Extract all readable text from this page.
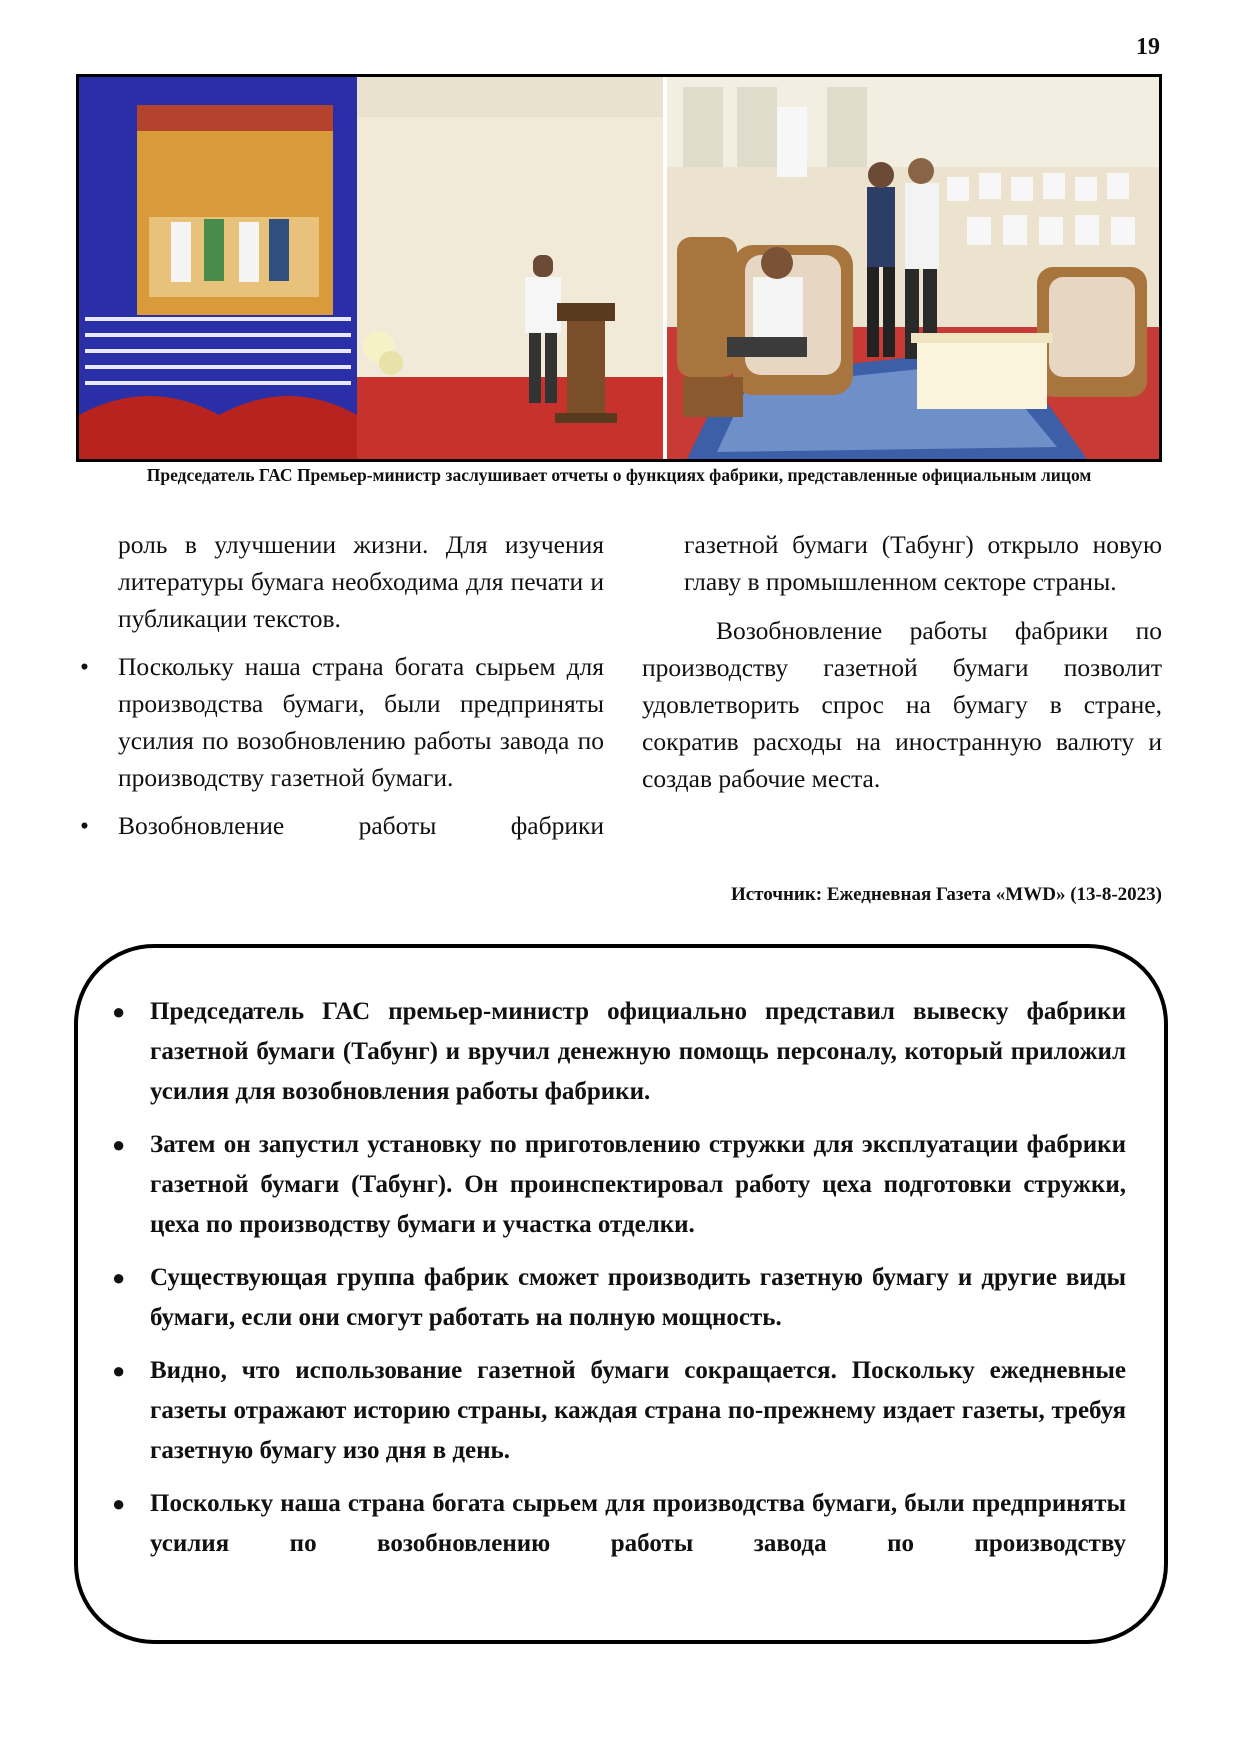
19
Председатель ГАС Премьер-министр заслушивает отчеты о функциях фабрики, представленные официальным лицом

роль в улучшении жизни. Для изучения литературы бумага необходима для печати и публикации текстов.

• Поскольку наша страна богата сырьем для производства бумаги, были предприняты усилия по возобновлению работы завода по производству газетной бумаги.

• Возобновление работы фабрики

газетной бумаги (Табунг) открыло новую главу в промышленном секторе страны.

Возобновление работы фабрики по производству газетной бумаги позволит удовлетворить спрос на бумагу в стране, сократив расходы на иностранную валюту и создав рабочие места.

Источник: Ежедневная Газета «MWD» (13-8-2023)
● Председатель ГАС премьер-министр официально представил вывеску фабрики газетной бумаги (Табунг) и вручил денежную помощь персоналу, который приложил усилия для возобновления работы фабрики.
● Затем он запустил установку по приготовлению стружки для эксплуатации фабрики газетной бумаги (Табунг). Он проинспектировал работу цеха подготовки стружки, цеха по производству бумаги и участка отделки.
● Существующая группа фабрик сможет производить газетную бумагу и другие виды бумаги, если они смогут работать на полную мощность.
● Видно, что использование газетной бумаги сокращается. Поскольку ежедневные газеты отражают историю страны, каждая страна по-прежнему издает газеты, требуя газетную бумагу изо дня в день.
● Поскольку наша страна богата сырьем для производства бумаги, были предприняты усилия по возобновлению работы завода по производству
